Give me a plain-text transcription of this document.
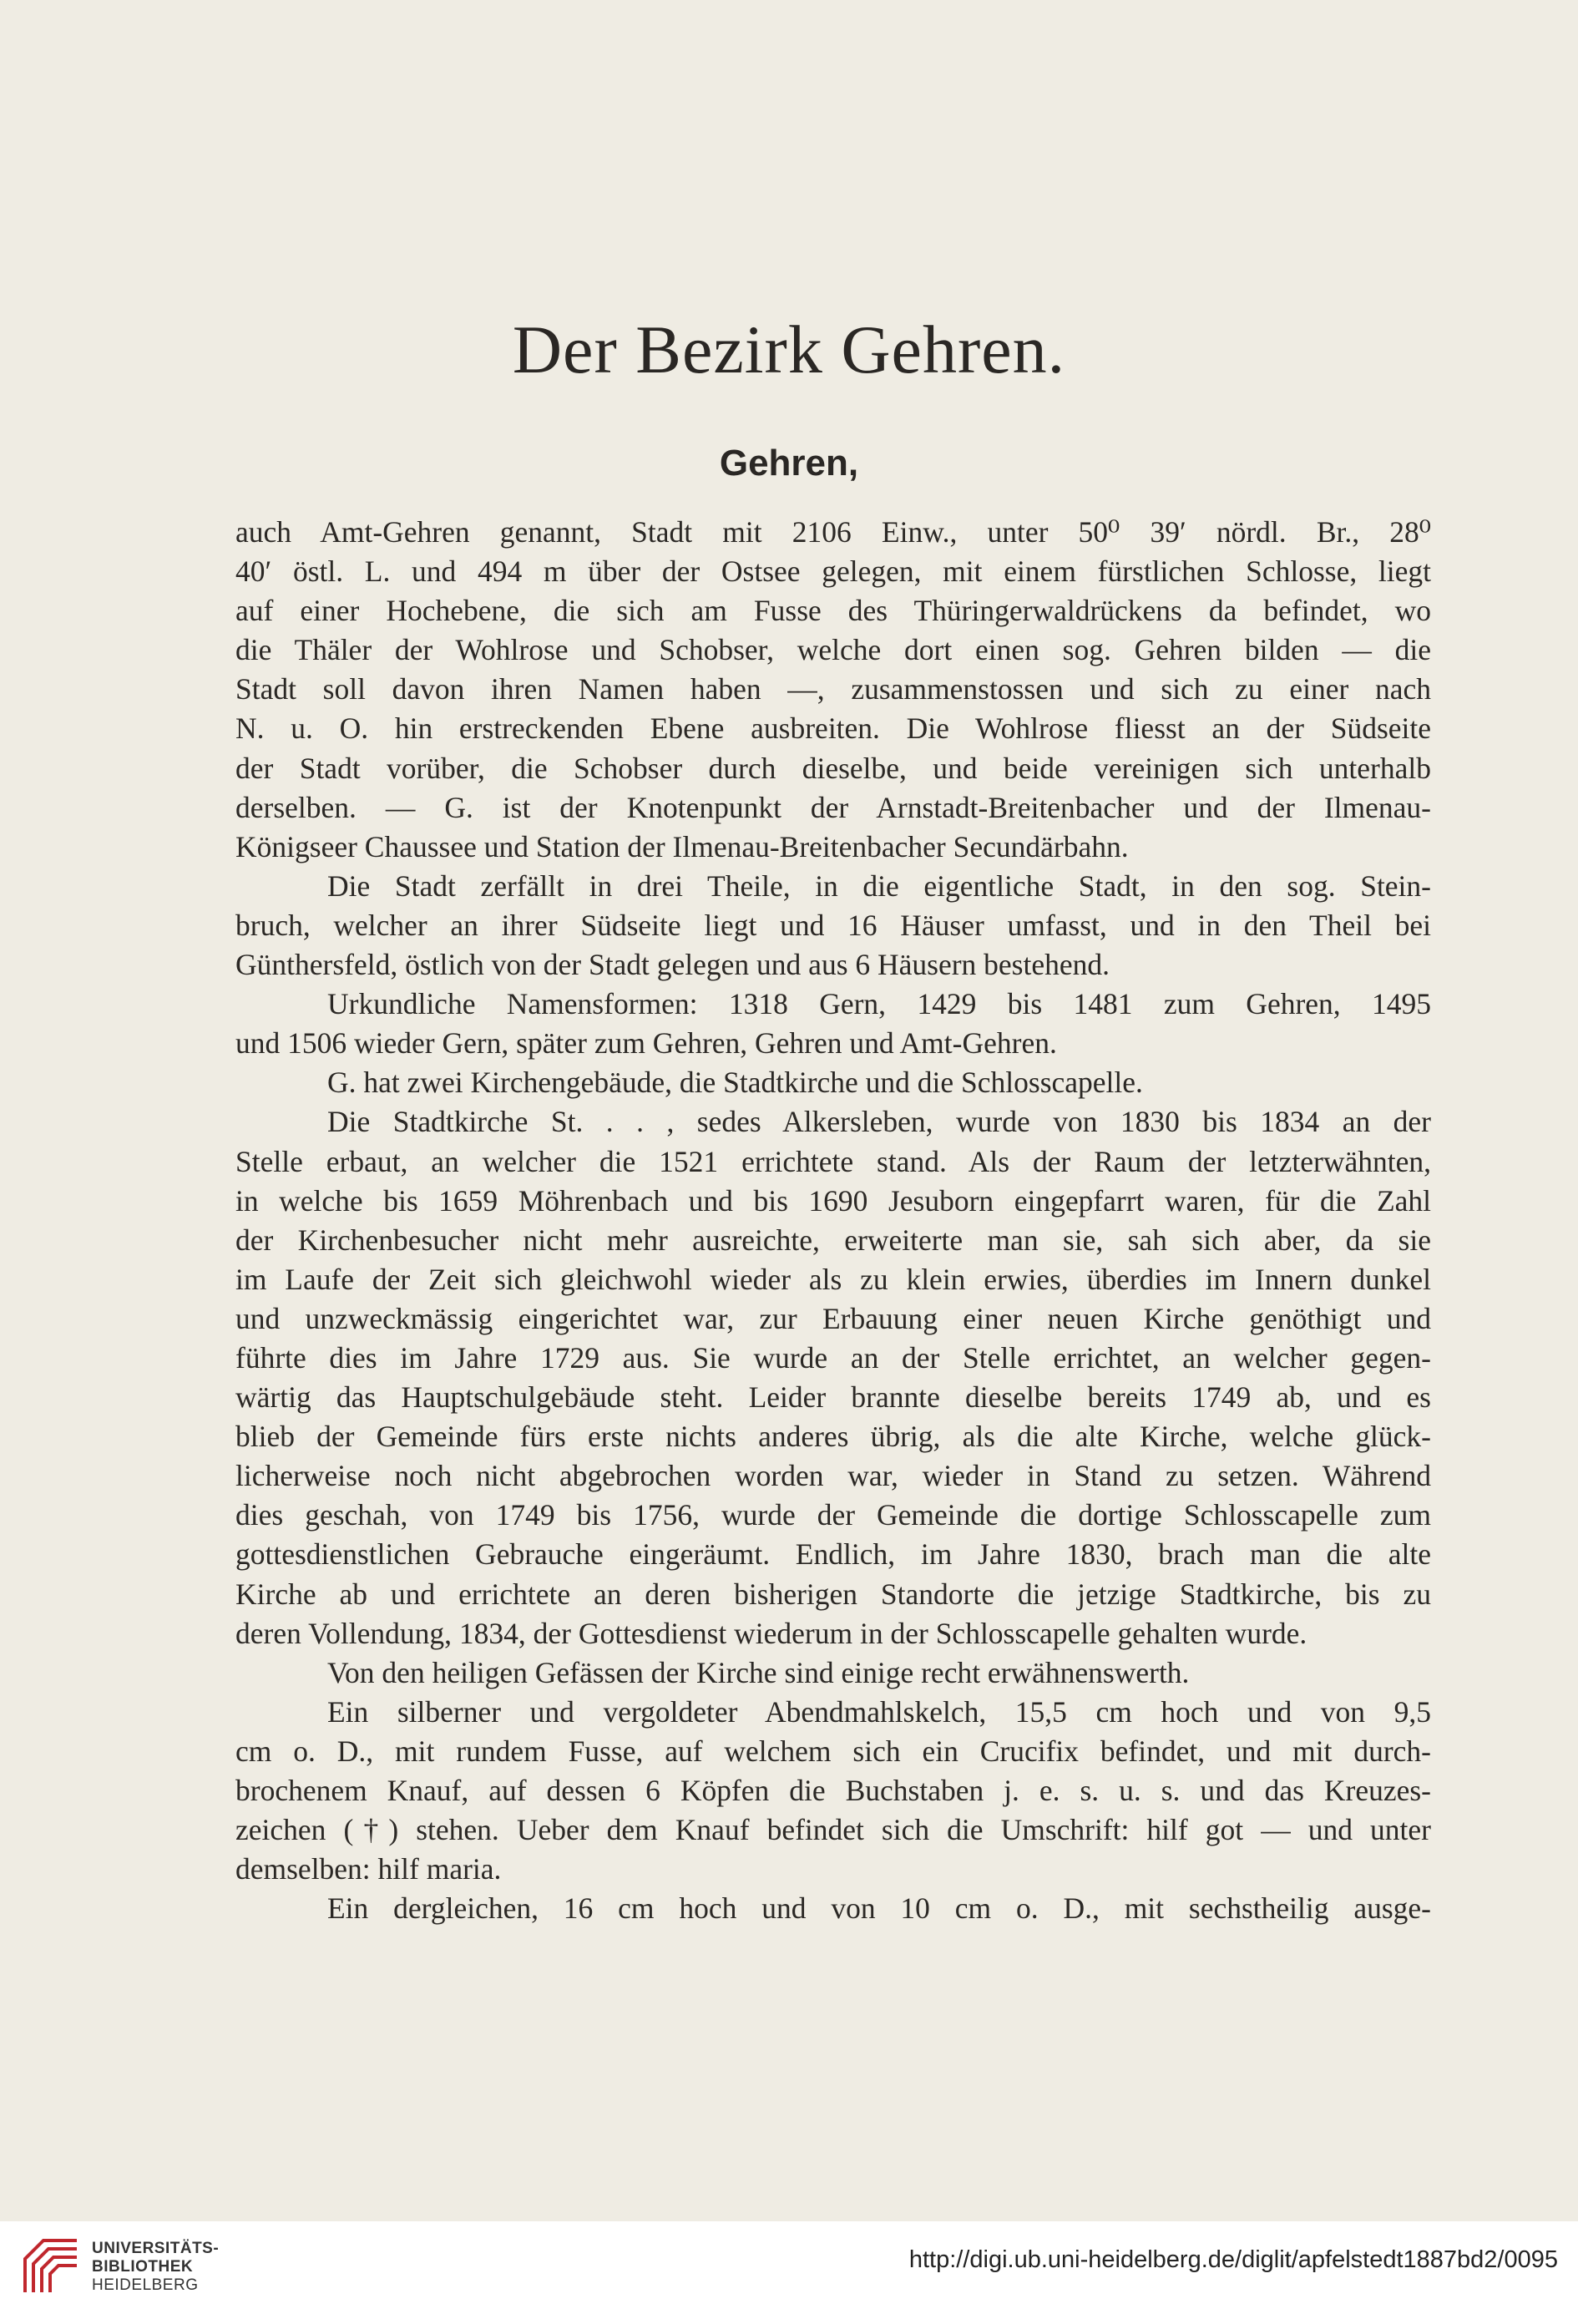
Der Bezirk Gehren.
Gehren,
auch Amt-Gehren genannt, Stadt mit 2106 Einw., unter 50⁰ 39′ nördl. Br., 28⁰
40′ östl. L. und 494 m über der Ostsee gelegen, mit einem fürstlichen Schlosse, liegt
auf einer Hochebene, die sich am Fusse des Thüringerwaldrückens da befindet, wo
die Thäler der Wohlrose und Schobser, welche dort einen sog. Gehren bilden — die
Stadt soll davon ihren Namen haben —, zusammenstossen und sich zu einer nach
N. u. O. hin erstreckenden Ebene ausbreiten. Die Wohlrose fliesst an der Südseite
der Stadt vorüber, die Schobser durch dieselbe, und beide vereinigen sich unterhalb
derselben. — G. ist der Knotenpunkt der Arnstadt-Breitenbacher und der Ilmenau-
Königseer Chaussee und Station der Ilmenau-Breitenbacher Secundärbahn.
Die Stadt zerfällt in drei Theile, in die eigentliche Stadt, in den sog. Stein-
bruch, welcher an ihrer Südseite liegt und 16 Häuser umfasst, und in den Theil bei
Günthersfeld, östlich von der Stadt gelegen und aus 6 Häusern bestehend.
Urkundliche Namensformen: 1318 Gern, 1429 bis 1481 zum Gehren, 1495
und 1506 wieder Gern, später zum Gehren, Gehren und Amt-Gehren.
G. hat zwei Kirchengebäude, die Stadtkirche und die Schlosscapelle.
Die Stadtkirche St. . . , sedes Alkersleben, wurde von 1830 bis 1834 an der
Stelle erbaut, an welcher die 1521 errichtete stand. Als der Raum der letzterwähnten,
in welche bis 1659 Möhrenbach und bis 1690 Jesuborn eingepfarrt waren, für die Zahl
der Kirchenbesucher nicht mehr ausreichte, erweiterte man sie, sah sich aber, da sie
im Laufe der Zeit sich gleichwohl wieder als zu klein erwies, überdies im Innern dunkel
und unzweckmässig eingerichtet war, zur Erbauung einer neuen Kirche genöthigt und
führte dies im Jahre 1729 aus. Sie wurde an der Stelle errichtet, an welcher gegen-
wärtig das Hauptschulgebäude steht. Leider brannte dieselbe bereits 1749 ab, und es
blieb der Gemeinde fürs erste nichts anderes übrig, als die alte Kirche, welche glück-
licherweise noch nicht abgebrochen worden war, wieder in Stand zu setzen. Während
dies geschah, von 1749 bis 1756, wurde der Gemeinde die dortige Schlosscapelle zum
gottesdienstlichen Gebrauche eingeräumt. Endlich, im Jahre 1830, brach man die alte
Kirche ab und errichtete an deren bisherigen Standorte die jetzige Stadtkirche, bis zu
deren Vollendung, 1834, der Gottesdienst wiederum in der Schlosscapelle gehalten wurde.
Von den heiligen Gefässen der Kirche sind einige recht erwähnenswerth.
Ein silberner und vergoldeter Abendmahlskelch, 15,5 cm hoch und von 9,5
cm o. D., mit rundem Fusse, auf welchem sich ein Crucifix befindet, und mit durch-
brochenem Knauf, auf dessen 6 Köpfen die Buchstaben j. e. s. u. s. und das Kreuzes-
zeichen (†) stehen. Ueber dem Knauf befindet sich die Umschrift: hilf got — und unter
demselben: hilf maria.
Ein dergleichen, 16 cm hoch und von 10 cm o. D., mit sechstheilig ausge-
UNIVERSITÄTS-
BIBLIOTHEK
HEIDELBERG
http://digi.ub.uni-heidelberg.de/diglit/apfelstedt1887bd2/0095
